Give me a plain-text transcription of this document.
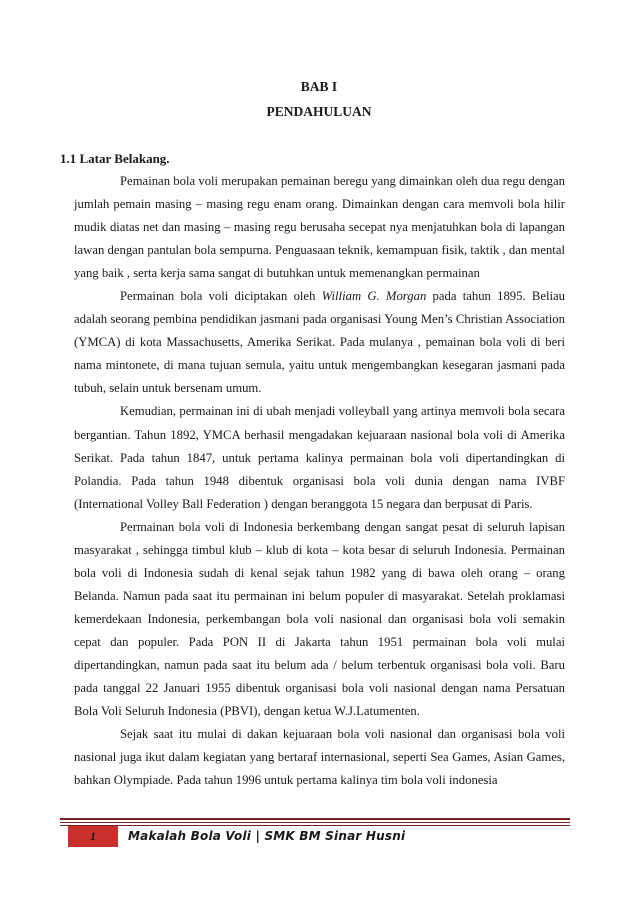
BAB I
PENDAHULUAN
1.1 Latar Belakang.

Pemainan bola voli merupakan pemainan beregu yang dimainkan oleh dua regu dengan jumlah pemain masing – masing regu enam orang. Dimainkan dengan cara memvoli bola hilir mudik diatas net dan masing – masing regu berusaha secepat nya menjatuhkan bola di lapangan lawan dengan pantulan bola sempurna. Penguasaan teknik, kemampuan fisik, taktik , dan mental yang baik , serta kerja sama sangat di butuhkan untuk memenangkan permainan

Permainan bola voli diciptakan oleh William G. Morgan pada tahun 1895. Beliau adalah seorang pembina pendidikan jasmani pada organisasi Young Men’s Christian Association (YMCA) di kota Massachusetts, Amerika Serikat. Pada mulanya , pemainan bola voli di beri nama mintonete, di mana tujuan semula, yaitu untuk mengembangkan kesegaran jasmani pada tubuh, selain untuk bersenam umum.

Kemudian, permainan ini di ubah menjadi volleyball yang artinya memvoli bola secara bergantian. Tahun 1892, YMCA berhasil mengadakan kejuaraan nasional bola voli di Amerika Serikat. Pada tahun 1847, untuk pertama kalinya permainan bola voli dipertandingkan di Polandia. Pada tahun 1948 dibentuk organisasi bola voli dunia dengan nama IVBF (International Volley Ball Federation ) dengan beranggota 15 negara dan berpusat di Paris.

Permainan bola voli di Indonesia berkembang dengan sangat pesat di seluruh lapisan masyarakat , sehingga timbul klub – klub di kota – kota besar di seluruh Indonesia. Permainan bola voli di Indonesia sudah di kenal sejak tahun 1982 yang di bawa oleh orang – orang Belanda. Namun pada saat itu permainan ini belum populer di masyarakat. Setelah proklamasi kemerdekaan Indonesia, perkembangan bola voli nasional dan organisasi bola voli semakin cepat dan populer. Pada PON II di Jakarta tahun 1951 permainan bola voli mulai dipertandingkan, namun pada saat itu belum ada / belum terbentuk organisasi bola voli. Baru pada tanggal 22 Januari 1955 dibentuk organisasi bola voli nasional dengan nama Persatuan Bola Voli Seluruh Indonesia (PBVI), dengan ketua W.J.Latumenten.

Sejak saat itu mulai di dakan kejuaraan bola voli nasional dan organisasi bola voli nasional juga ikut dalam kegiatan yang bertaraf internasional, seperti Sea Games, Asian Games, bahkan Olympiade. Pada tahun 1996 untuk pertama kalinya tim bola voli indonesia

1	Makalah Bola Voli | SMK BM Sinar Husni
